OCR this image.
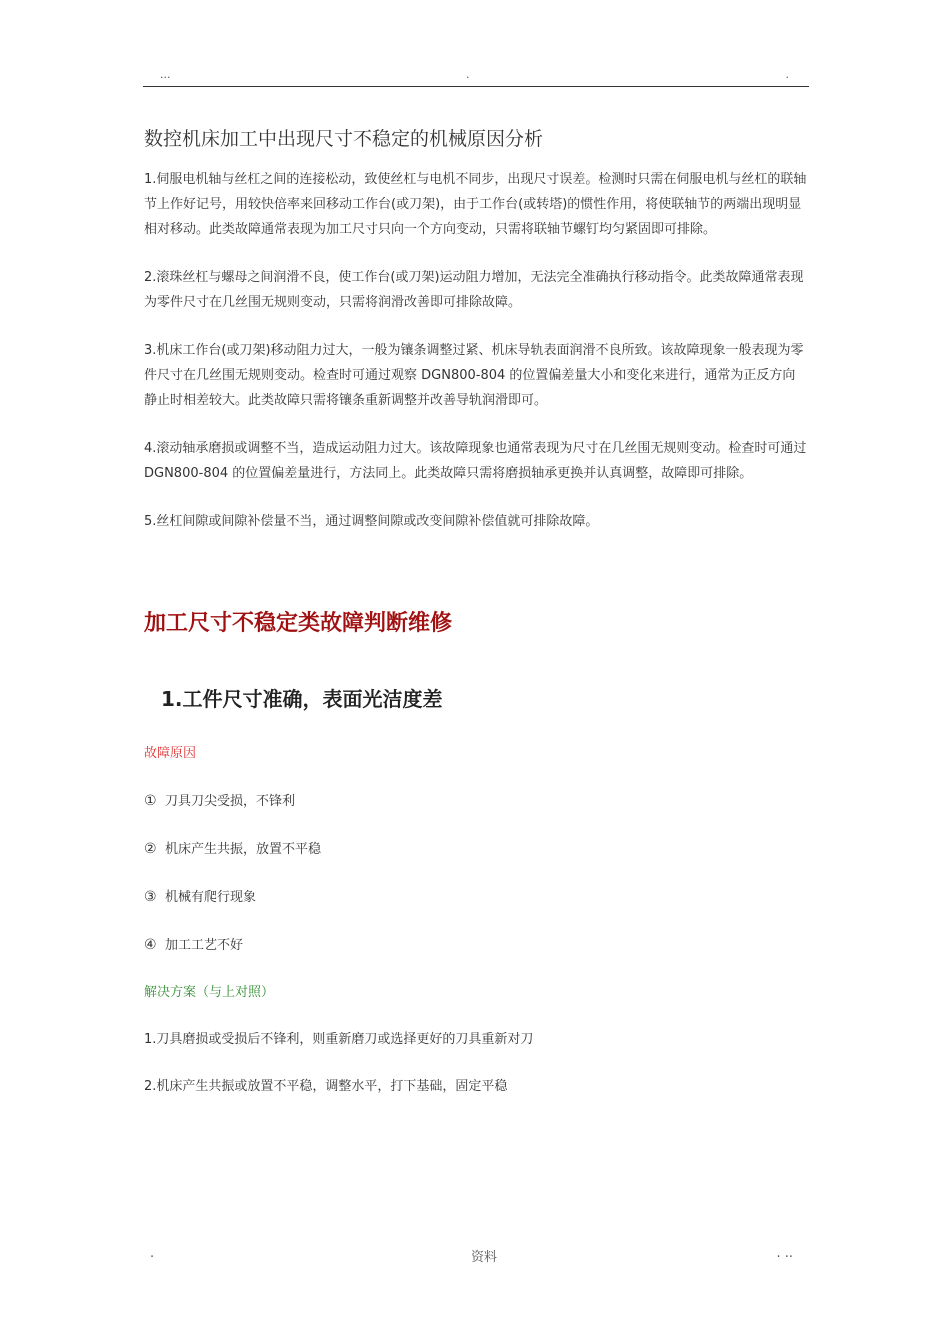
...	.	.
数控机床加工中出现尺寸不稳定的机械原因分析

1.伺服电机轴与丝杠之间的连接松动，致使丝杠与电机不同步，出现尺寸误差。检测时只需在伺服电机与丝杠的联轴节上作好记号，用较快倍率来回移动工作台(或刀架)，由于工作台(或转塔)的惯性作用，将使联轴节的两端出现明显相对移动。此类故障通常表现为加工尺寸只向一个方向变动，只需将联轴节螺钉均匀紧固即可排除。

2.滚珠丝杠与螺母之间润滑不良，使工作台(或刀架)运动阻力增加，无法完全准确执行移动指令。此类故障通常表现为零件尺寸在几丝围无规则变动，只需将润滑改善即可排除故障。

3.机床工作台(或刀架)移动阻力过大，一般为镶条调整过紧、机床导轨表面润滑不良所致。该故障现象一般表现为零件尺寸在几丝围无规则变动。检查时可通过观察 DGN800-804 的位置偏差量大小和变化来进行，通常为正反方向静止时相差较大。此类故障只需将镶条重新调整并改善导轨润滑即可。

4.滚动轴承磨损或调整不当，造成运动阻力过大。该故障现象也通常表现为尺寸在几丝围无规则变动。检查时可通过 DGN800-804 的位置偏差量进行，方法同上。此类故障只需将磨损轴承更换并认真调整，故障即可排除。

5.丝杠间隙或间隙补偿量不当，通过调整间隙或改变间隙补偿值就可排除故障。

加工尺寸不稳定类故障判断维修
1.工件尺寸准确，表面光洁度差
故障原因
① 刀具刀尖受损，不锋利
② 机床产生共振，放置不平稳
③ 机械有爬行现象
④ 加工工艺不好
解决方案（与上对照）
1.刀具磨损或受损后不锋利，则重新磨刀或选择更好的刀具重新对刀
2.机床产生共振或放置不平稳，调整水平，打下基础，固定平稳
.	资料	. ..
